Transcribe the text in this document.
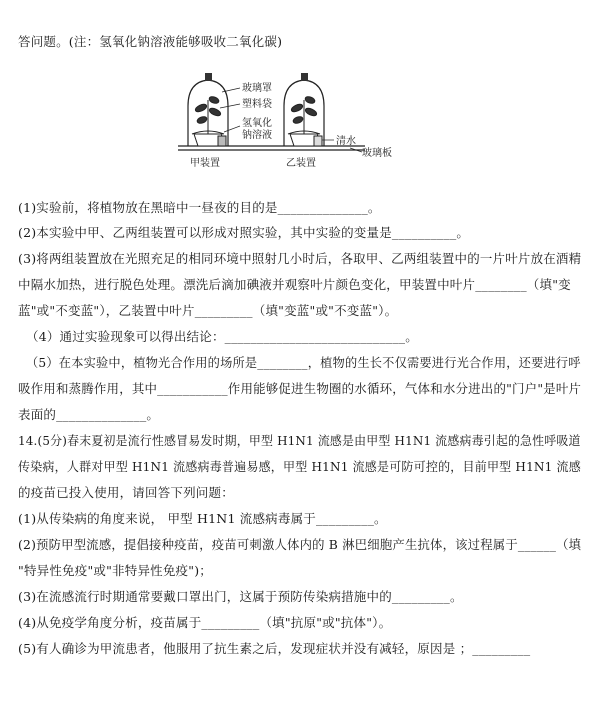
答问题。(注：氢氧化钠溶液能够吸收二氧化碳)
玻璃罩
塑料袋
氢氧化
钠溶液
清水
玻璃板
甲装置	乙装置
(1)实验前，将植物放在黑暗中一昼夜的目的是______________。
(2)本实验中甲、乙两组装置可以形成对照实验，其中实验的变量是__________。
(3)将两组装置放在光照充足的相同环境中照射几小时后，各取甲、乙两组装置中的一片叶片放在酒精
中隔水加热，进行脱色处理。漂洗后滴加碘液并观察叶片颜色变化，甲装置中叶片________（填"变
蓝"或"不变蓝"），乙装置中叶片_________（填"变蓝"或"不变蓝"）。
（4）通过实验现象可以得出结论：____________________________。
（5）在本实验中，植物光合作用的场所是________，植物的生长不仅需要进行光合作用，还要进行呼
吸作用和蒸腾作用，其中___________作用能够促进生物圈的水循环，气体和水分进出的"门户"是叶片
表面的______________。
14.(5分)春末夏初是流行性感冒易发时期，甲型 H1N1 流感是由甲型 H1N1 流感病毒引起的急性呼吸道
传染病，人群对甲型 H1N1 流感病毒普遍易感，甲型 H1N1 流感是可防可控的，目前甲型 H1N1 流感
的疫苗已投入使用，请回答下列问题：
(1)从传染病的角度来说， 甲型 H1N1 流感病毒属于_________。
(2)预防甲型流感，提倡接种疫苗，疫苗可刺激人体内的 B 淋巴细胞产生抗体，该过程属于______（填
"特异性免疫"或"非特异性免疫")；
(3)在流感流行时期通常要戴口罩出门，这属于预防传染病措施中的_________。
(4)从免疫学角度分析，疫苗属于_________（填"抗原"或"抗体"）。
(5)有人确诊为甲流患者，他服用了抗生素之后，发现症状并没有减轻，原因是 ；_________
